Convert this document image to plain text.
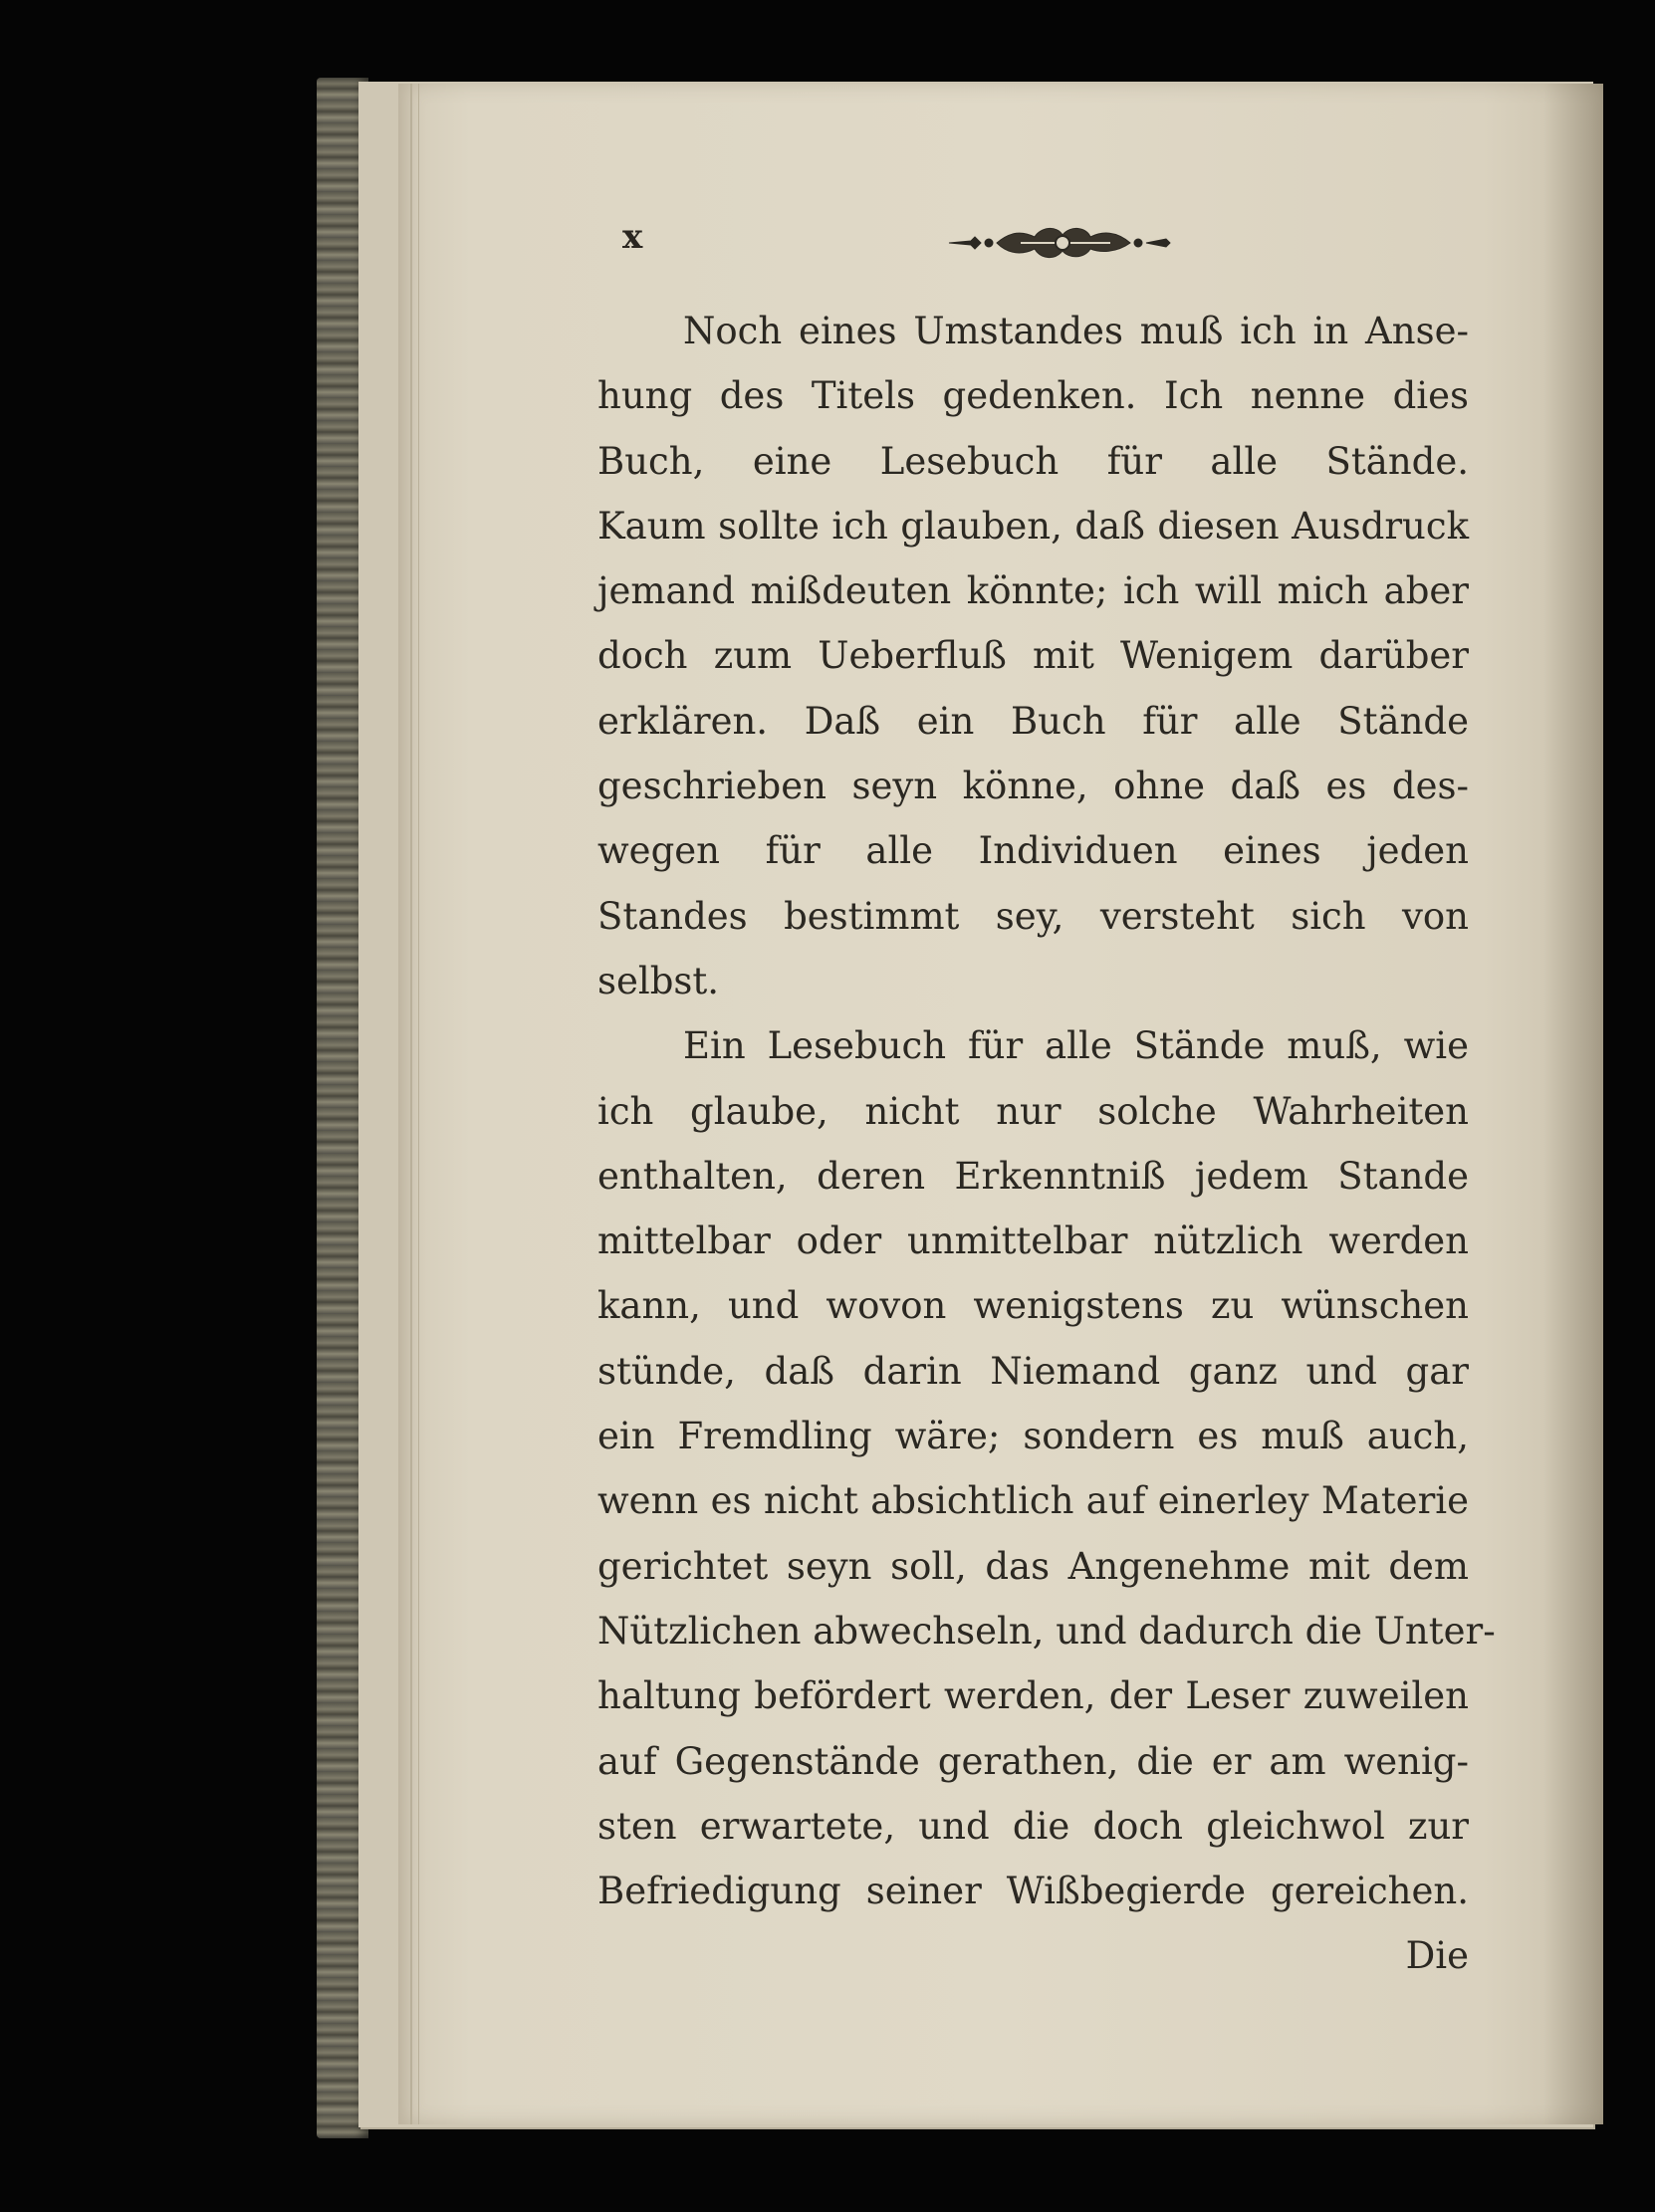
x
Noch eines Umstandes muß ich in Anse-
hung des Titels gedenken. Ich nenne dies
Buch, eine Lesebuch für alle Stände.
Kaum sollte ich glauben, daß diesen Ausdruck
jemand mißdeuten könnte; ich will mich aber
doch zum Ueberfluß mit Wenigem darüber
erklären. Daß ein Buch für alle Stände
geschrieben seyn könne, ohne daß es des-
wegen für alle Individuen eines jeden
Standes bestimmt sey, versteht sich von
selbst.
Ein Lesebuch für alle Stände muß, wie
ich glaube, nicht nur solche Wahrheiten
enthalten, deren Erkenntniß jedem Stande
mittelbar oder unmittelbar nützlich werden
kann, und wovon wenigstens zu wünschen
stünde, daß darin Niemand ganz und gar
ein Fremdling wäre; sondern es muß auch,
wenn es nicht absichtlich auf einerley Materie
gerichtet seyn soll, das Angenehme mit dem
Nützlichen abwechseln, und dadurch die Unter-
haltung befördert werden, der Leser zuweilen
auf Gegenstände gerathen, die er am wenig-
sten erwartete, und die doch gleichwol zur
Befriedigung seiner Wißbegierde gereichen.
Die
